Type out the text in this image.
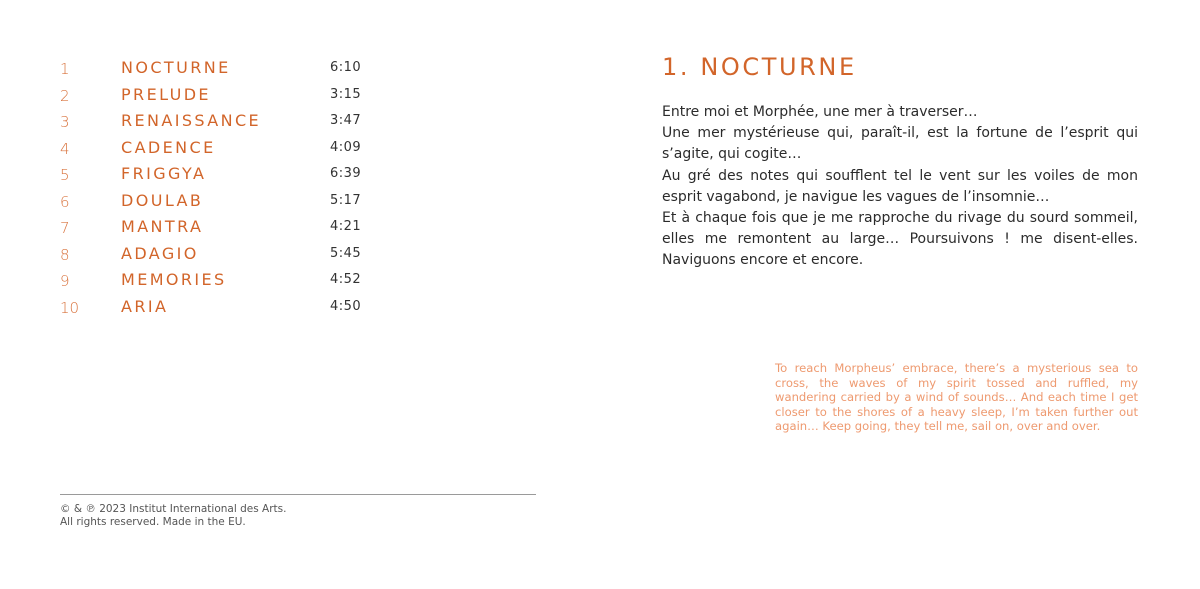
1	NOCTURNE	6:10
2	PRELUDE	3:15
3	RENAISSANCE	3:47
4	CADENCE	4:09
5	FRIGGYA	6:39
6	DOULAB	5:17
7	MANTRA	4:21
8	ADAGIO	5:45
9	MEMORIES	4:52
10	ARIA	4:50
© & ℗ 2023 Institut International des Arts.
All rights reserved. Made in the EU.
1. NOCTURNE

Entre moi et Morphée, une mer à traverser…

Une mer mystérieuse qui, paraît-il, est la fortune de l’esprit qui s’agite, qui cogite…

Au gré des notes qui soufflent tel le vent sur les voiles de mon esprit vagabond, je navigue les vagues de l’insomnie…

Et à chaque fois que je me rapproche du rivage du sourd sommeil, elles me remontent au large… Poursuivons ! me disent-elles. Naviguons encore et encore.

To reach Morpheus’ embrace, there’s a mysterious sea to cross, the waves of my spirit tossed and ruffled, my wandering carried by a wind of sounds… And each time I get closer to the shores of a heavy sleep, I’m taken further out again… Keep going, they tell me, sail on, over and over.
